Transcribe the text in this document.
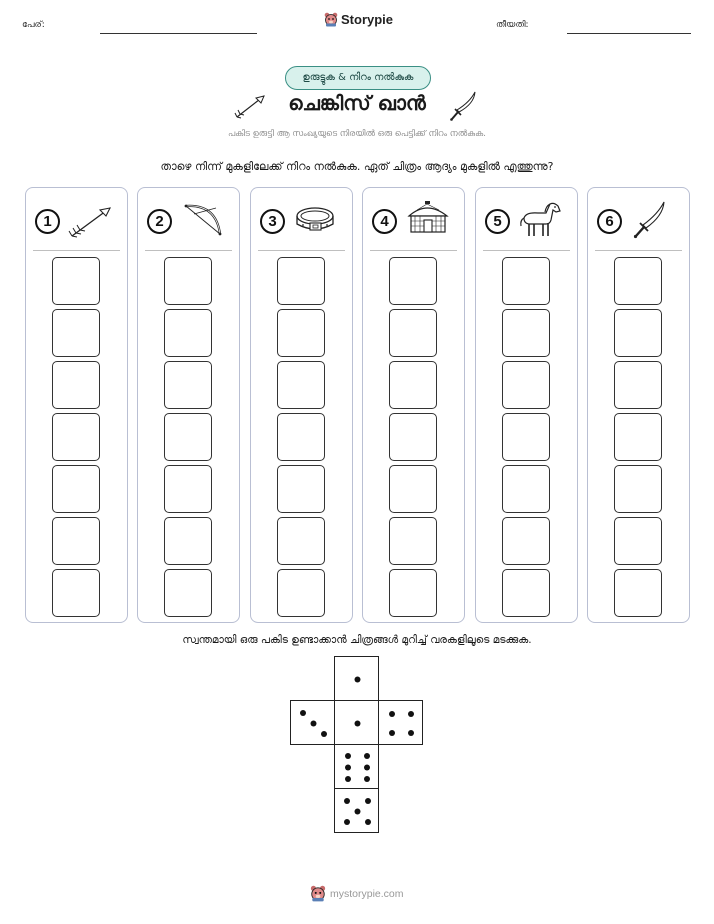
പേര്:	Storypie	തീയതി:
ഉരുട്ടുക & നിറം നൽകുക
ചെങ്കിസ് ഖാൻ
പകിട ഉരുട്ടി ആ സംഖ്യയുടെ നിരയിൽ ഒരു പെട്ടിക്ക് നിറം നൽകുക.
താഴെ നിന്ന് മുകളിലേക്ക് നിറം നൽകുക. ഏത് ചിത്രം ആദ്യം മുകളിൽ എത്തുന്നു?
1	2	3	4	5	6
സ്വന്തമായി ഒരു പകിട ഉണ്ടാക്കാൻ ചിത്രങ്ങൾ മുറിച്ച് വരകളിലൂടെ മടക്കുക.
mystorypie.com
